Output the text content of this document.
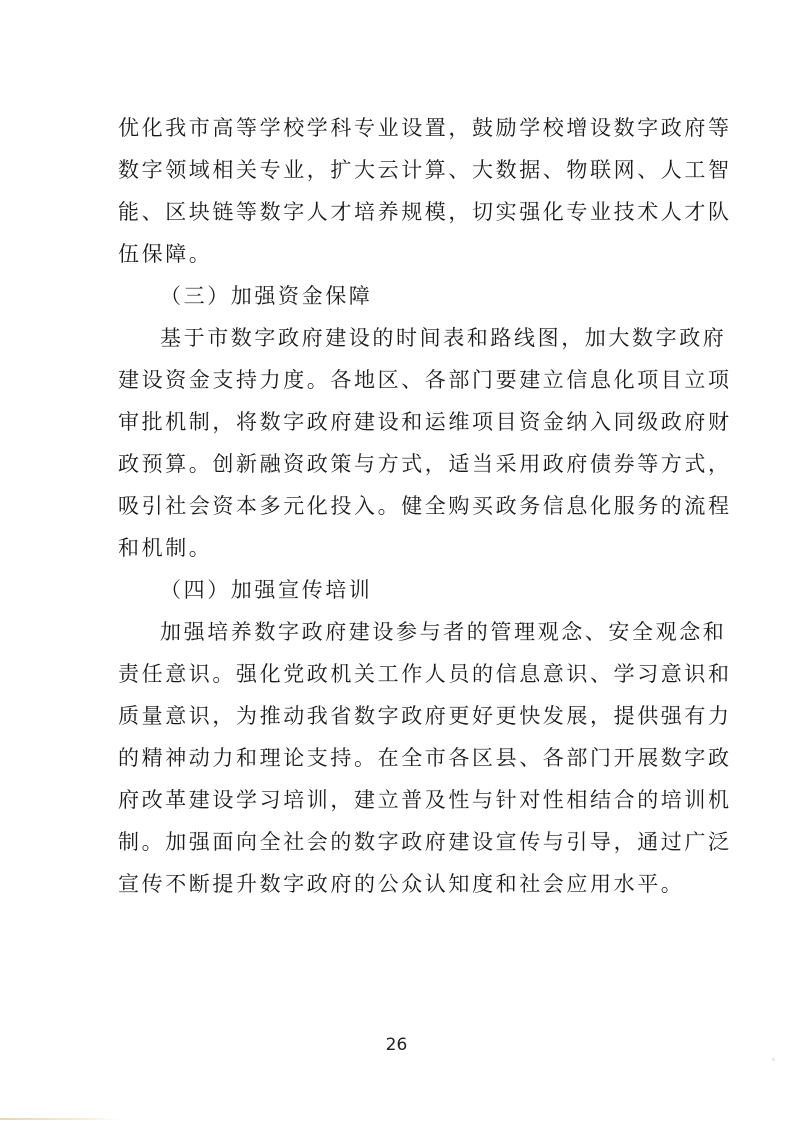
优化我市高等学校学科专业设置，鼓励学校增设数字政府等
数字领域相关专业，扩大云计算、大数据、物联网、人工智
能、区块链等数字人才培养规模，切实强化专业技术人才队
伍保障。
（三）加强资金保障
基于市数字政府建设的时间表和路线图，加大数字政府
建设资金支持力度。各地区、各部门要建立信息化项目立项
审批机制，将数字政府建设和运维项目资金纳入同级政府财
政预算。创新融资政策与方式，适当采用政府债券等方式，
吸引社会资本多元化投入。健全购买政务信息化服务的流程
和机制。
（四）加强宣传培训
加强培养数字政府建设参与者的管理观念、安全观念和
责任意识。强化党政机关工作人员的信息意识、学习意识和
质量意识，为推动我省数字政府更好更快发展，提供强有力
的精神动力和理论支持。在全市各区县、各部门开展数字政
府改革建设学习培训，建立普及性与针对性相结合的培训机
制。加强面向全社会的数字政府建设宣传与引导，通过广泛
宣传不断提升数字政府的公众认知度和社会应用水平。
26
